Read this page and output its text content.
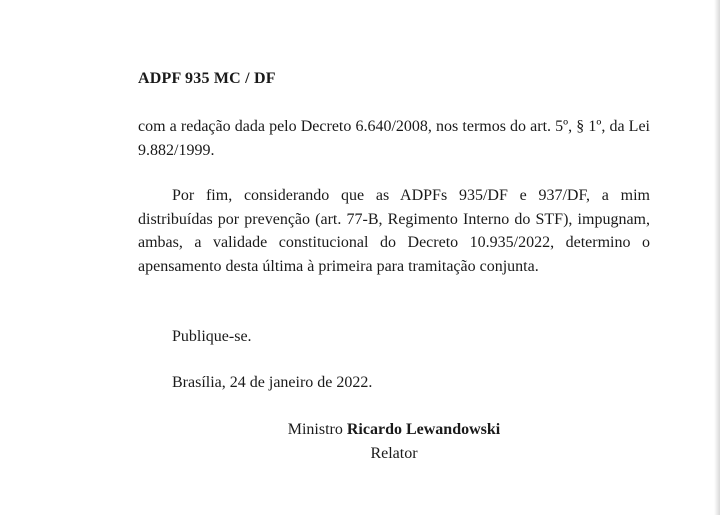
ADPF 935 MC / DF

com a redação dada pelo Decreto 6.640/2008, nos termos do art. 5º, § 1º, da Lei 9.882/1999.

Por fim, considerando que as ADPFs 935/DF e 937/DF, a mim distribuídas por prevenção (art. 77-B, Regimento Interno do STF), impugnam, ambas, a validade constitucional do Decreto 10.935/2022, determino o apensamento desta última à primeira para tramitação conjunta.

Publique-se.

Brasília, 24 de janeiro de 2022.

Ministro Ricardo Lewandowski
Relator
